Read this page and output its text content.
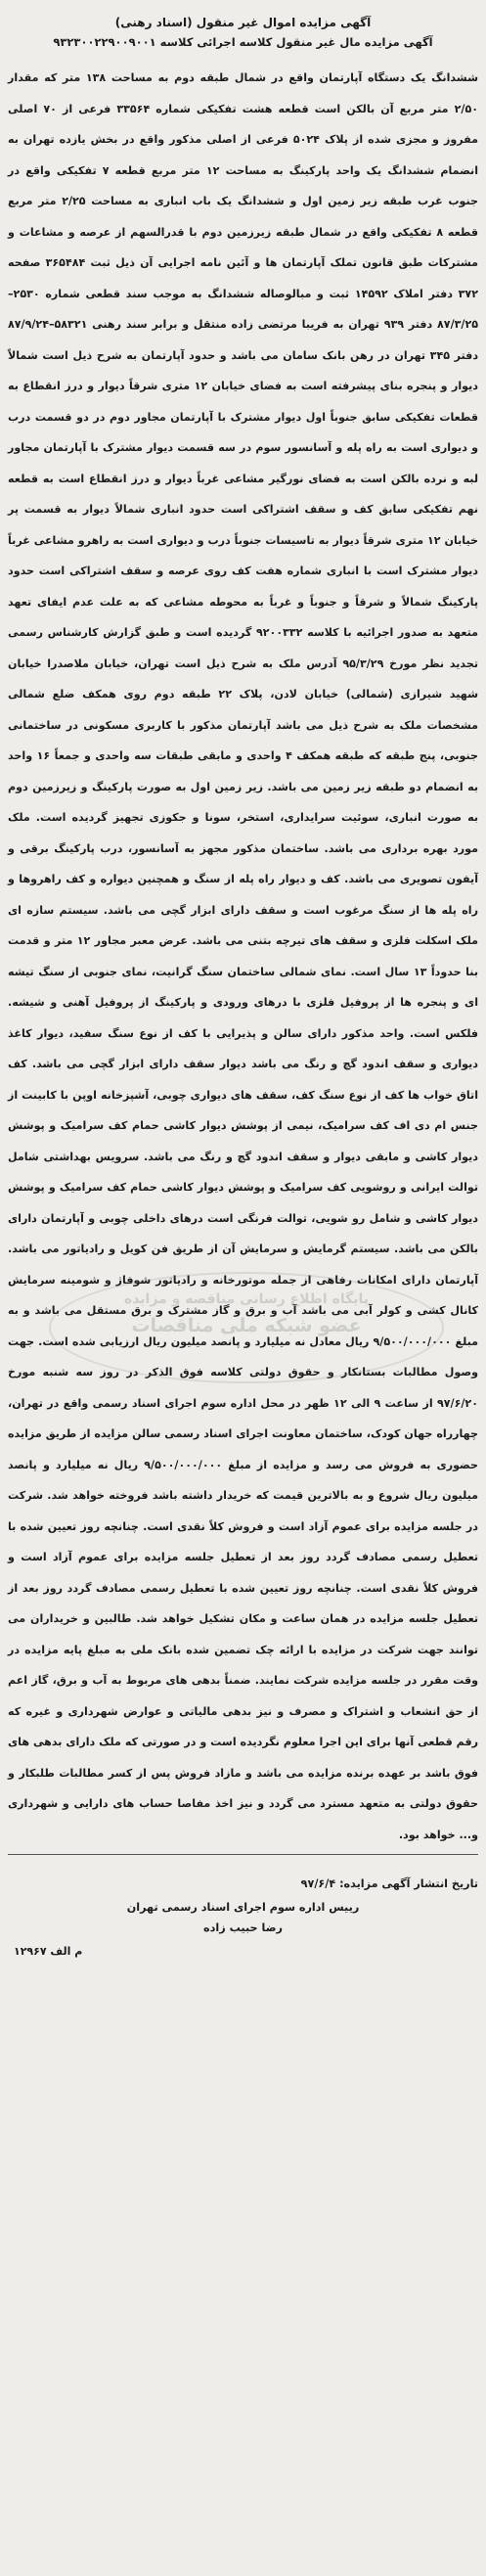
آگهی مزایده اموال غیر منقول (اسناد رهنی)
آگهی مزایده مال غیر منقول کلاسه اجرائی کلاسه ۹۳۲۳۰۰۲۲۹۰۰۹۰۰۱

ششدانگ یک دستگاه آپارتمان واقع در شمال طبقه دوم به مساحت ۱۳۸ متر که مقدار ۲/۵۰ متر مربع آن بالکن است قطعه هشت تفکیکی شماره ۳۳۵۶۴ فرعی از ۷۰ اصلی مفروز و مجزی شده از پلاک ۵۰۲۴ فرعی از اصلی مذکور واقع در بخش یازده تهران به انضمام ششدانگ یک واحد پارکینگ به مساحت ۱۲ متر مربع قطعه ۷ تفکیکی واقع در جنوب غرب طبقه زیر زمین اول و ششدانگ یک باب انباری به مساحت ۲/۲۵ متر مربع قطعه ۸ تفکیکی واقع در شمال طبقه زیرزمین دوم با قدرالسهم از عرصه و مشاعات و مشترکات طبق قانون تملک آپارتمان ها و آئین نامه اجرایی آن ذیل ثبت ۳۶۵۴۸۴ صفحه ۳۷۲ دفتر املاک ۱۴۵۹۲ ثبت و مبالوصاله ششدانگ به موجب سند قطعی شماره ۲۵۳۰–۸۷/۳/۲۵ دفتر ۹۳۹ تهران به فریبا مرتضی زاده منتقل و برابر سند رهنی ۵۸۳۲۱–۸۷/۹/۲۴ دفتر ۳۴۵ تهران در رهن بانک سامان می باشد و حدود آپارتمان به شرح ذیل است شمالاً دیوار و پنجره بنای پیشرفته است به فضای خیابان ۱۲ متری شرقاً دیوار و درز انقطاع به قطعات تفکیکی سابق جنوباً اول دیوار مشترک با آپارتمان مجاور دوم در دو قسمت درب و دیواری است به راه پله و آسانسور سوم در سه قسمت دیوار مشترک با آپارتمان مجاور لبه و نرده بالکن است به فضای نورگیر مشاعی غرباً دیوار و درز انقطاع است به قطعه نهم تفکیکی سابق کف و سقف اشتراکی است حدود انباری شمالاً دیوار به قسمت پر خیابان ۱۲ متری شرقاً دیوار به تاسیسات جنوباً درب و دیواری است به راهرو مشاعی غرباً دیوار مشترک است با انباری شماره هفت کف روی عرصه و سقف اشتراکی است حدود پارکینگ شمالاً و شرقاً و جنوباً و غرباً به محوطه مشاعی که به علت عدم ایفای تعهد متعهد به صدور اجرائیه با کلاسه ۹۲۰۰۳۳۲ گردیده است و طبق گزارش کارشناس رسمی تجدید نظر مورخ ۹۵/۳/۲۹ آدرس ملک به شرح ذیل است تهران، خیابان ملاصدرا خیابان شهید شیرازی (شمالی) خیابان لادن، پلاک ۲۲ طبقه دوم روی همکف ضلع شمالی مشخصات ملک به شرح ذیل می باشد آپارتمان مذکور با کاربری مسکونی در ساختمانی جنوبی، پنج طبقه که طبقه همکف ۴ واحدی و مابقی طبقات سه واحدی و جمعاً ۱۶ واحد به انضمام دو طبقه زیر زمین می باشد. زیر زمین اول به صورت پارکینگ و زیرزمین دوم به صورت انباری، سوئیت سرایداری، استخر، سونا و جکوزی تجهیز گردیده است. ملک مورد بهره برداری می باشد. ساختمان مذکور مجهز به آسانسور، درب پارکینگ برقی و آیفون تصویری می باشد. کف و دیوار راه پله از سنگ و همچنین دیواره و کف راهروها و راه پله ها از سنگ مرغوب است و سقف دارای ابزار گچی می باشد. سیستم سازه ای ملک اسکلت فلزی و سقف های تیرچه بتنی می باشد. عرض معبر مجاور ۱۲ متر و قدمت بنا حدوداً ۱۳ سال است. نمای شمالی ساختمان سنگ گرانیت، نمای جنوبی از سنگ تیشه ای و پنجره ها از پروفیل فلزی با درهای ورودی و پارکینگ از پروفیل آهنی و شیشه. فلکس است. واحد مذکور دارای سالن و پذیرایی با کف از نوع سنگ سفید، دیوار کاغذ دیواری و سقف اندود گچ و رنگ می باشد دیوار سقف دارای ابزار گچی می باشد. کف اتاق خواب ها کف از نوع سنگ کف، سقف های دیواری چوبی، آشپزخانه اوپن با کابینت از جنس ام دی اف کف سرامیک، نیمی از پوشش دیوار کاشی حمام کف سرامیک و پوشش دیوار کاشی و مابقی دیوار و سقف اندود گچ و رنگ می باشد. سرویس بهداشتی شامل توالت ایرانی و روشویی کف سرامیک و پوشش دیوار کاشی حمام کف سرامیک و پوشش دیوار کاشی و شامل رو شویی، توالت فرنگی است درهای داخلی چوبی و آپارتمان دارای بالکن می باشد. سیستم گرمایش و سرمایش آن از طریق فن کویل و رادیاتور می باشد. آپارتمان دارای امکانات رفاهی از جمله موتورخانه و رادیاتور شوفاژ و شومینه سرمایش کانال کشی و کولر آبی می باشد آب و برق و گاز مشترک و برق مستقل می باشد و به مبلغ ۹/۵۰۰/۰۰۰/۰۰۰ ریال معادل نه میلیارد و پانصد میلیون ریال ارزیابی شده است. جهت وصول مطالبات بستانکار و حقوق دولتی کلاسه فوق الذکر در روز سه شنبه مورخ ۹۷/۶/۲۰ از ساعت ۹ الی ۱۲ ظهر در محل اداره سوم اجرای اسناد رسمی واقع در تهران، چهارراه جهان کودک، ساختمان معاونت اجرای اسناد رسمی سالن مزایده از طریق مزایده حضوری به فروش می رسد و مزایده از مبلغ ۹/۵۰۰/۰۰۰/۰۰۰ ریال نه میلیارد و پانصد میلیون ریال شروع و به بالاترین قیمت که خریدار داشته باشد فروخته خواهد شد. شرکت در جلسه مزایده برای عموم آزاد است و فروش کلاً نقدی است. چنانچه روز تعیین شده با تعطیل رسمی مصادف گردد روز بعد از تعطیل جلسه مزایده برای عموم آزاد است و فروش کلاً نقدی است. چنانچه روز تعیین شده با تعطیل رسمی مصادف گردد روز بعد از تعطیل جلسه مزایده در همان ساعت و مکان تشکیل خواهد شد. طالبین و خریداران می توانند جهت شرکت در مزایده با ارائه چک تضمین شده بانک ملی به مبلغ پایه مزایده در وقت مقرر در جلسه مزایده شرکت نمایند. ضمناً بدهی های مربوط به آب و برق، گاز اعم از حق انشعاب و اشتراک و مصرف و نیز بدهی مالیاتی و عوارض شهرداری و غیره که رقم قطعی آنها برای این اجرا معلوم نگردیده است و در صورتی که ملک دارای بدهی های فوق باشد بر عهده برنده مزایده می باشد و مازاد فروش پس از کسر مطالبات طلبکار و حقوق دولتی به متعهد مسترد می گردد و نیز اخذ مفاصا حساب های دارایی و شهرداری و... خواهد بود.

پایگاه اطلاع رسانی مناقصه و مزایده
عضو شبکه ملی مناقصات
تاریخ انتشار آگهی مزایده: ۹۷/۶/۴
رییس اداره سوم اجرای اسناد رسمی تهران
رضا حبیب زاده
م الف ۱۲۹۶۷
